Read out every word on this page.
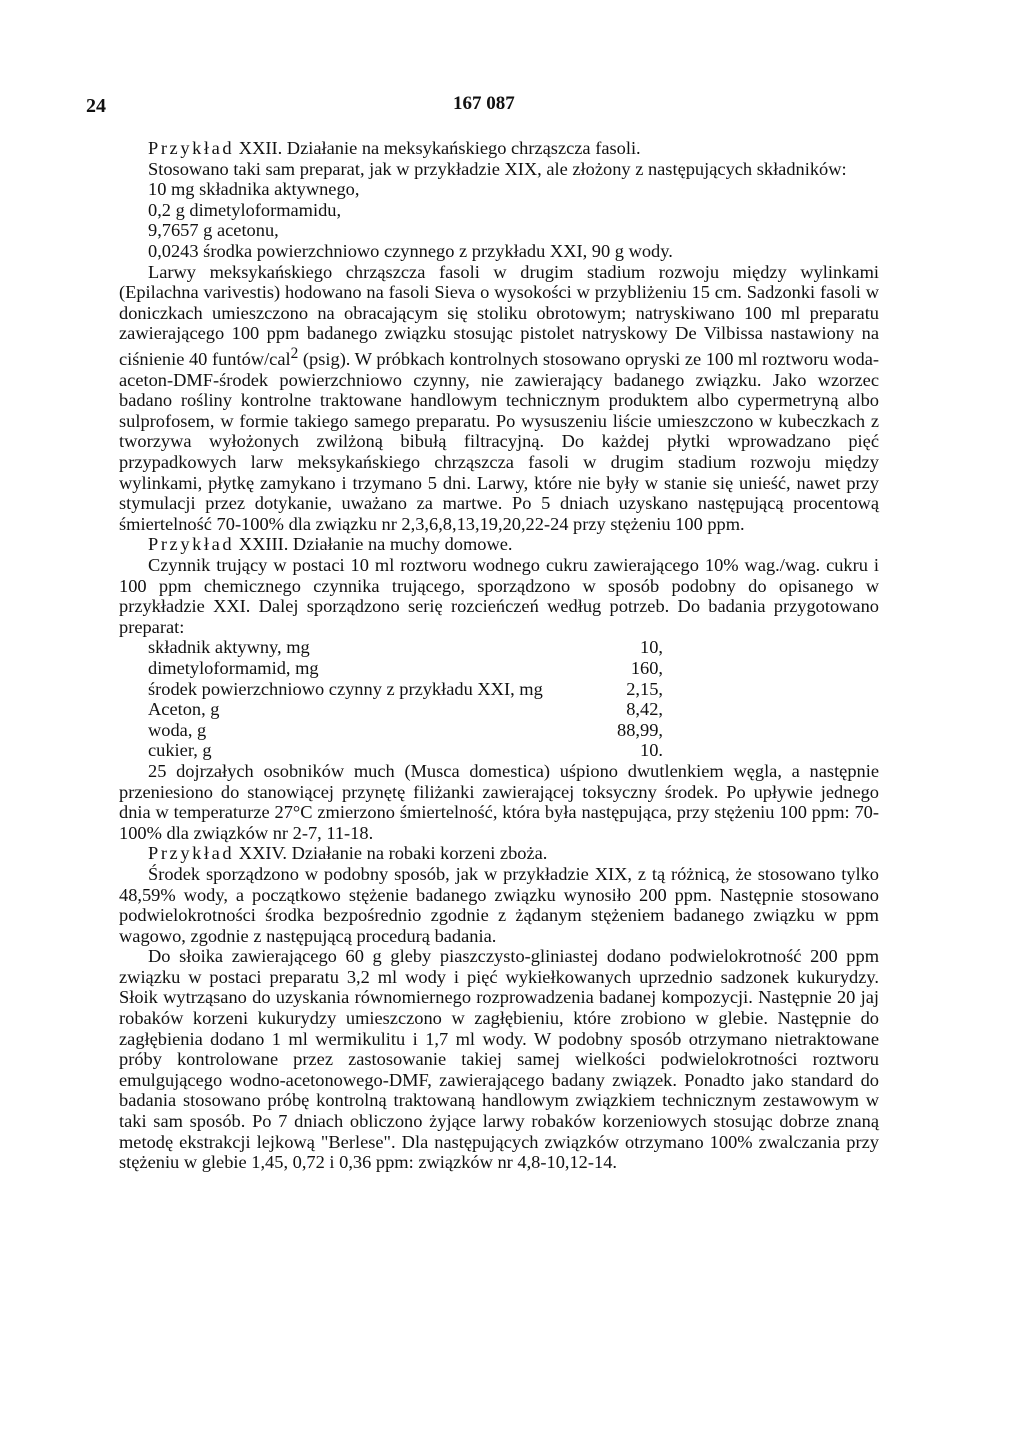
24	167 087

Przykład XXII. Działanie na meksykańskiego chrząszcza fasoli.

Stosowano taki sam preparat, jak w przykładzie XIX, ale złożony z następujących składników:

10 mg składnika aktywnego,
0,2 g dimetyloformamidu,
9,7657 g acetonu,
0,0243 środka powierzchniowo czynnego z przykładu XXI, 90 g wody.

Larwy meksykańskiego chrząszcza fasoli w drugim stadium rozwoju między wylinkami (Epilachna varivestis) hodowano na fasoli Sieva o wysokości w przybliżeniu 15 cm. Sadzonki fasoli w doniczkach umieszczono na obracającym się stoliku obrotowym; natryskiwano 100 ml preparatu zawierającego 100 ppm badanego związku stosując pistolet natryskowy De Vilbissa nastawiony na ciśnienie 40 funtów/cal$^2$ (psig). W próbkach kontrolnych stosowano opryski ze 100 ml roztworu woda-aceton-DMF-środek powierzchniowo czynny, nie zawierający badanego związku. Jako wzorzec badano rośliny kontrolne traktowane handlowym technicznym produktem albo cypermetryną albo sulprofosem, w formie takiego samego preparatu. Po wysuszeniu liście umieszczono w kubeczkach z tworzywa wyłożonych zwilżoną bibułą filtracyjną. Do każdej płytki wprowadzano pięć przypadkowych larw meksykańskiego chrząszcza fasoli w drugim stadium rozwoju między wylinkami, płytkę zamykano i trzymano 5 dni. Larwy, które nie były w stanie się unieść, nawet przy stymulacji przez dotykanie, uważano za martwe. Po 5 dniach uzyskano następującą procentową śmiertelność 70-100% dla związku nr 2,3,6,8,13,19,20,22-24 przy stężeniu 100 ppm.

Przykład XXIII. Działanie na muchy domowe.

Czynnik trujący w postaci 10 ml roztworu wodnego cukru zawierającego 10% wag./wag. cukru i 100 ppm chemicznego czynnika trującego, sporządzono w sposób podobny do opisanego w przykładzie XXI. Dalej sporządzono serię rozcieńczeń według potrzeb. Do badania przygotowano preparat:

składnik aktywny, mg	10,
dimetyloformamid, mg	160,
środek powierzchniowo czynny z przykładu XXI, mg	2,15,
Aceton, g	8,42,
woda, g	88,99,
cukier, g	10.

25 dojrzałych osobników much (Musca domestica) uśpiono dwutlenkiem węgla, a następnie przeniesiono do stanowiącej przynętę filiżanki zawierającej toksyczny środek. Po upływie jednego dnia w temperaturze 27°C zmierzono śmiertelność, która była następująca, przy stężeniu 100 ppm: 70-100% dla związków nr 2-7, 11-18.

Przykład XXIV. Działanie na robaki korzeni zboża.

Środek sporządzono w podobny sposób, jak w przykładzie XIX, z tą różnicą, że stosowano tylko 48,59% wody, a początkowo stężenie badanego związku wynosiło 200 ppm. Następnie stosowano podwielokrotności środka bezpośrednio zgodnie z żądanym stężeniem badanego związku w ppm wagowo, zgodnie z następującą procedurą badania.

Do słoika zawierającego 60 g gleby piaszczysto-gliniastej dodano podwielokrotność 200 ppm związku w postaci preparatu 3,2 ml wody i pięć wykiełkowanych uprzednio sadzonek kukurydzy. Słoik wytrząsano do uzyskania równomiernego rozprowadzenia badanej kompozycji. Następnie 20 jaj robaków korzeni kukurydzy umieszczono w zagłębieniu, które zrobiono w glebie. Następnie do zagłębienia dodano 1 ml wermikulitu i 1,7 ml wody. W podobny sposób otrzymano nietraktowane próby kontrolowane przez zastosowanie takiej samej wielkości podwielokrotności roztworu emulgującego wodno-acetonowego-DMF, zawierającego badany związek. Ponadto jako standard do badania stosowano próbę kontrolną traktowaną handlowym związkiem technicznym zestawowym w taki sam sposób. Po 7 dniach obliczono żyjące larwy robaków korzeniowych stosując dobrze znaną metodę ekstrakcji lejkową "Berlese". Dla następujących związków otrzymano 100% zwalczania przy stężeniu w glebie 1,45, 0,72 i 0,36 ppm: związków nr 4,8-10,12-14.
